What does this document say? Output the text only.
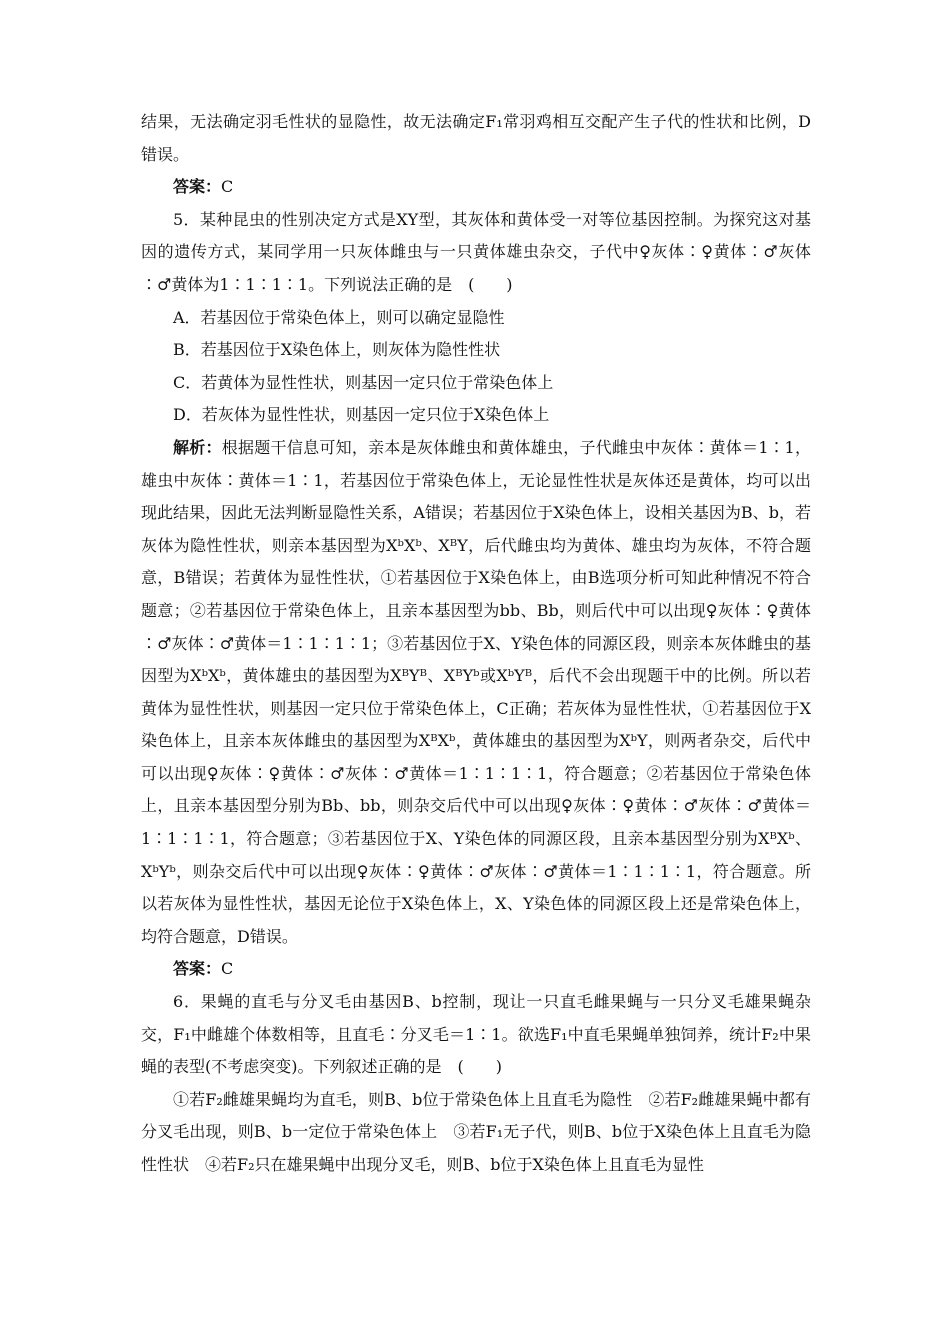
结果，无法确定羽毛性状的显隐性，故无法确定F₁常羽鸡相互交配产生子代的性状和比例，D错误。

答案：C

5．某种昆虫的性别决定方式是XY型，其灰体和黄体受一对等位基因控制。为探究这对基因的遗传方式，某同学用一只灰体雌虫与一只黄体雄虫杂交，子代中♀灰体∶♀黄体∶♂灰体∶♂黄体为1∶1∶1∶1。下列说法正确的是　(　　)

A．若基因位于常染色体上，则可以确定显隐性

B．若基因位于X染色体上，则灰体为隐性性状

C．若黄体为显性性状，则基因一定只位于常染色体上

D．若灰体为显性性状，则基因一定只位于X染色体上

解析：根据题干信息可知，亲本是灰体雌虫和黄体雄虫，子代雌虫中灰体∶黄体＝1∶1，雄虫中灰体∶黄体＝1∶1，若基因位于常染色体上，无论显性性状是灰体还是黄体，均可以出现此结果，因此无法判断显隐性关系，A错误；若基因位于X染色体上，设相关基因为B、b，若灰体为隐性性状，则亲本基因型为XᵇXᵇ、XᴮY，后代雌虫均为黄体、雄虫均为灰体，不符合题意，B错误；若黄体为显性性状，①若基因位于X染色体上，由B选项分析可知此种情况不符合题意；②若基因位于常染色体上，且亲本基因型为bb、Bb，则后代中可以出现♀灰体∶♀黄体∶♂灰体∶♂黄体＝1∶1∶1∶1；③若基因位于X、Y染色体的同源区段，则亲本灰体雌虫的基因型为XᵇXᵇ，黄体雄虫的基因型为XᴮYᴮ、XᴮYᵇ或XᵇYᴮ，后代不会出现题干中的比例。所以若黄体为显性性状，则基因一定只位于常染色体上，C正确；若灰体为显性性状，①若基因位于X染色体上，且亲本灰体雌虫的基因型为XᴮXᵇ，黄体雄虫的基因型为XᵇY，则两者杂交，后代中可以出现♀灰体∶♀黄体∶♂灰体∶♂黄体＝1∶1∶1∶1，符合题意；②若基因位于常染色体上，且亲本基因型分别为Bb、bb，则杂交后代中可以出现♀灰体∶♀黄体∶♂灰体∶♂黄体＝1∶1∶1∶1，符合题意；③若基因位于X、Y染色体的同源区段，且亲本基因型分别为XᴮXᵇ、XᵇYᵇ，则杂交后代中可以出现♀灰体∶♀黄体∶♂灰体∶♂黄体＝1∶1∶1∶1，符合题意。所以若灰体为显性性状，基因无论位于X染色体上，X、Y染色体的同源区段上还是常染色体上，均符合题意，D错误。

答案：C

6．果蝇的直毛与分叉毛由基因B、b控制，现让一只直毛雌果蝇与一只分叉毛雄果蝇杂交，F₁中雌雄个体数相等，且直毛∶分叉毛＝1∶1。欲选F₁中直毛果蝇单独饲养，统计F₂中果蝇的表型(不考虑突变)。下列叙述正确的是　(　　)

①若F₂雌雄果蝇均为直毛，则B、b位于常染色体上且直毛为隐性　②若F₂雌雄果蝇中都有分叉毛出现，则B、b一定位于常染色体上　③若F₁无子代，则B、b位于X染色体上且直毛为隐性性状　④若F₂只在雄果蝇中出现分叉毛，则B、b位于X染色体上且直毛为显性
